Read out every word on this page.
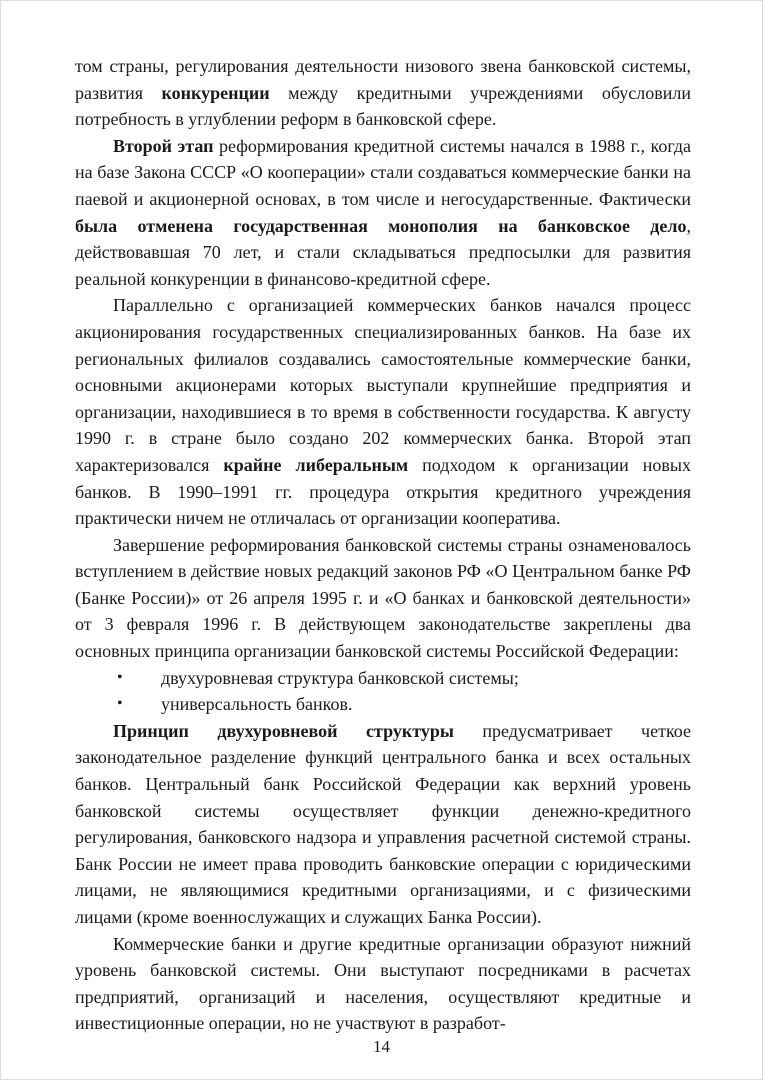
том страны, регулирования деятельности низового звена банковской системы, развития конкуренции между кредитными учреждениями обусловили потребность в углублении реформ в банковской сфере.

Второй этап реформирования кредитной системы начался в 1988 г., когда на базе Закона СССР «О кооперации» стали создаваться коммерческие банки на паевой и акционерной основах, в том числе и негосударственные. Фактически была отменена государственная монополия на банковское дело, действовавшая 70 лет, и стали складываться предпосылки для развития реальной конкуренции в финансово-кредитной сфере.

Параллельно с организацией коммерческих банков начался процесс акционирования государственных специализированных банков. На базе их региональных филиалов создавались самостоятельные коммерческие банки, основными акционерами которых выступали крупнейшие предприятия и организации, находившиеся в то время в собственности государства. К августу 1990 г. в стране было создано 202 коммерческих банка. Второй этап характеризовался крайне либеральным подходом к организации новых банков. В 1990–1991 гг. процедура открытия кредитного учреждения практически ничем не отличалась от организации кооператива.

Завершение реформирования банковской системы страны ознаменовалось вступлением в действие новых редакций законов РФ «О Центральном банке РФ (Банке России)» от 26 апреля 1995 г. и «О банках и банковской деятельности» от 3 февраля 1996 г. В действующем законодательстве закреплены два основных принципа организации банковской системы Российской Федерации:

•	двухуровневая структура банковской системы;
•	универсальность банков.

Принцип двухуровневой структуры предусматривает четкое законодательное разделение функций центрального банка и всех остальных банков. Центральный банк Российской Федерации как верхний уровень банковской системы осуществляет функции денежно-кредитного регулирования, банковского надзора и управления расчетной системой страны. Банк России не имеет права проводить банковские операции с юридическими лицами, не являющимися кредитными организациями, и с физическими лицами (кроме военнослужащих и служащих Банка России).

Коммерческие банки и другие кредитные организации образуют нижний уровень банковской системы. Они выступают посредниками в расчетах предприятий, организаций и населения, осуществляют кредитные и инвестиционные операции, но не участвуют в разработ-

14
